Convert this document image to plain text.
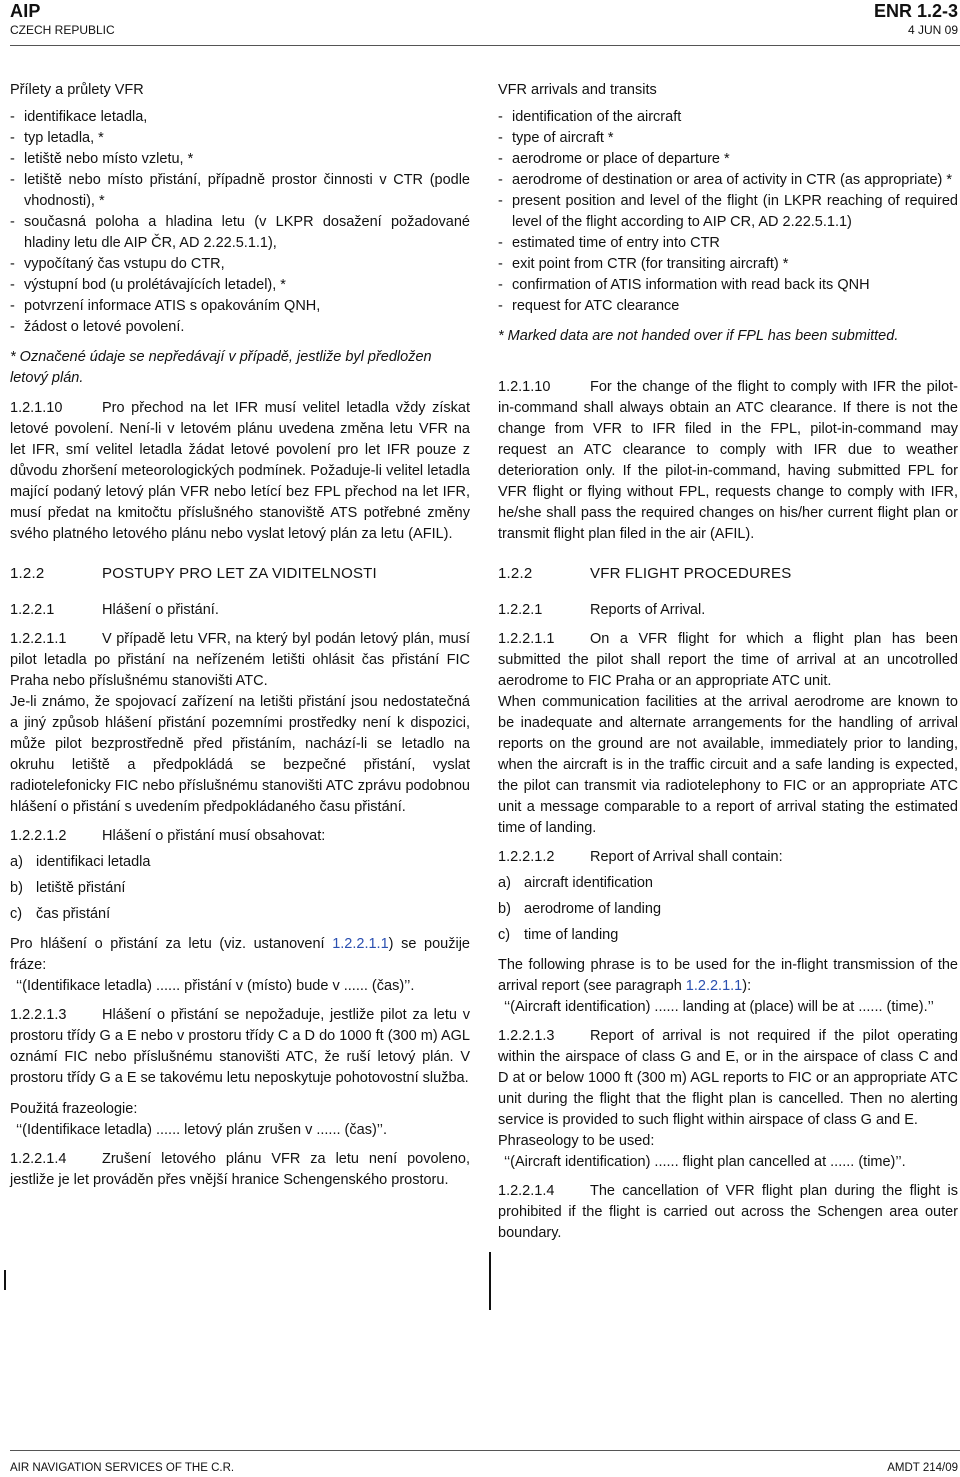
AIP
CZECH REPUBLIC
ENR 1.2-3
4 JUN 09

Přílety a průlety VFR

- identifikace letadla,
- typ letadla, *
- letiště nebo místo vzletu, *
- letiště nebo místo přistání, případně prostor činnosti v CTR (podle vhodnosti), *
- současná poloha a hladina letu (v LKPR dosažení požadované hladiny letu dle AIP ČR, AD 2.22.5.1.1),
- vypočítaný čas vstupu do CTR,
- výstupní bod (u prolétávajících letadel), *
- potvrzení informace ATIS s opakováním QNH,
- žádost o letové povolení.

* Označené údaje se nepředávají v případě, jestliže byl předložen letový plán.

1.2.1.10	Pro přechod na let IFR musí velitel letadla vždy získat letové povolení. Není-li v letovém plánu uvedena změna letu VFR na let IFR, smí velitel letadla žádat letové povolení pro let IFR pouze z důvodu zhoršení meteorologických podmínek. Požaduje-li velitel letadla mající podaný letový plán VFR nebo letící bez FPL přechod na let IFR, musí předat na kmitočtu příslušného stanoviště ATS potřebné změny svého platného letového plánu nebo vyslat letový plán za letu (AFIL).

1.2.2	POSTUPY PRO LET ZA VIDITELNOSTI

1.2.2.1	Hlášení o přistání.

1.2.2.1.1 V případě letu VFR, na který byl podán letový plán, musí pilot letadla po přistání na neřízeném letišti ohlásit čas přistání FIC Praha nebo příslušnému stanovišti ATC.

Je-li známo, že spojovací zařízení na letišti přistání jsou nedostatečná a jiný způsob hlášení přistání pozemními prostředky není k dispozici, může pilot bezprostředně před přistáním, nachází-li se letadlo na okruhu letiště a předpokládá se bezpečné přistání, vyslat radiotelefonicky FIC nebo příslušnému stanovišti ATC zprávu podobnou hlášení o přistání s uvedením předpokládaného času přistání.

1.2.2.1.2 Hlášení o přistání musí obsahovat:

a) identifikaci letadla

b) letiště přistání

c) čas přistání

Pro hlášení o přistání za letu (viz. ustanovení 1.2.2.1.1) se použije fráze:

‘‘(Identifikace letadla) ...... přistání v (místo) bude v ...... (čas)’’.

1.2.2.1.3 Hlášení o přistání se nepožaduje, jestliže pilot za letu v prostoru třídy G a E nebo v prostoru třídy C a D do 1000 ft (300 m) AGL oznámí FIC nebo příslušnému stanovišti ATC, že ruší letový plán. V prostoru třídy G a E se takovému letu neposkytuje pohotovostní služba.

Použitá frazeologie:

‘‘(Identifikace letadla) ...... letový plán zrušen v ...... (čas)’’.

1.2.2.1.4 Zrušení letového plánu VFR za letu není povoleno, jestliže je let prováděn přes vnější hranice Schengenského prostoru.

VFR arrivals and transits

- identification of the aircraft
- type of aircraft *
- aerodrome or place of departure *
- aerodrome of destination or area of activity in CTR (as appropriate) *
- present position and level of the flight (in LKPR reaching of required level of the flight according to AIP CR, AD 2.22.5.1.1)
- estimated time of entry into CTR
- exit point from CTR (for transiting aircraft) *
- confirmation of ATIS information with read back its QNH
- request for ATC clearance

* Marked data are not handed over if FPL has been submitted.

1.2.1.10	For the change of the flight to comply with IFR the pilot-in-command shall always obtain an ATC clearance. If there is not the change from VFR to IFR filed in the FPL, pilot-in-command may request an ATC clearance to comply with IFR due to weather deterioration only. If the pilot-in-command, having submitted FPL for VFR flight or flying without FPL, requests change to comply with IFR, he/she shall pass the required changes on his/her current flight plan or transmit flight plan filed in the air (AFIL).

1.2.2	VFR FLIGHT PROCEDURES

1.2.2.1	Reports of Arrival.

1.2.2.1.1 On a VFR flight for which a flight plan has been submitted the pilot shall report the time of arrival at an uncotrolled aerodrome to FIC Praha or an appropriate ATC unit.

When communication facilities at the arrival aerodrome are known to be inadequate and alternate arrangements for the handling of arrival reports on the ground are not available, immediately prior to landing, when the aircraft is in the traffic circuit and a safe landing is expected, the pilot can transmit via radiotelephony to FIC or an appropriate ATC unit a message comparable to a report of arrival stating the estimated time of landing.

1.2.2.1.2 Report of Arrival shall contain:

a) aircraft identification

b) aerodrome of landing

c) time of landing

The following phrase is to be used for the in-flight transmission of the arrival report (see paragraph 1.2.2.1.1):

‘‘(Aircraft identification) ...... landing at (place) will be at ...... (time).’’

1.2.2.1.3 Report of arrival is not required if the pilot operating within the airspace of class G and E, or in the airspace of class C and D at or below 1000 ft (300 m) AGL reports to FIC or an appropriate ATC unit during the flight that the flight plan is cancelled. Then no alerting service is provided to such flight within airspace of class G and E.

Phraseology to be used:

‘‘(Aircraft identification) ...... flight plan cancelled at ...... (time)’’.

1.2.2.1.4 The cancellation of VFR flight plan during the flight is prohibited if the flight is carried out across the Schengen area outer boundary.

AIR NAVIGATION SERVICES OF THE C.R.	AMDT 214/09
